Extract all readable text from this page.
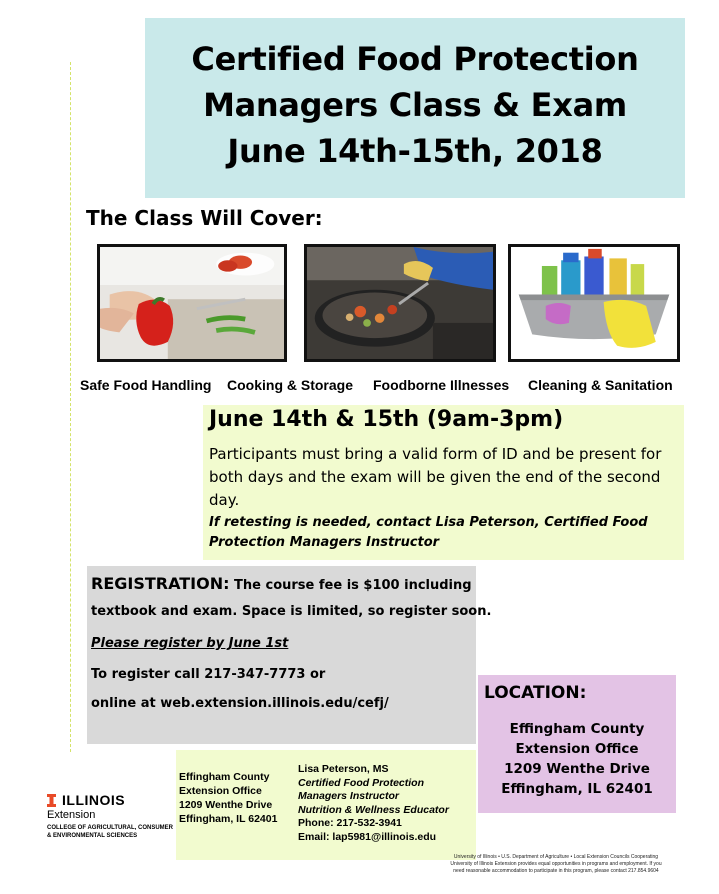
Certified Food Protection
Managers Class & Exam
June 14th-15th, 2018
The Class Will Cover:
Safe Food Handling Cooking & Storage Foodborne Illnesses Cleaning & Sanitation
June 14th & 15th (9am-3pm)
Participants must bring a valid form of ID and be present for both days and the exam will be given the end of the second day.
If retesting is needed, contact Lisa Peterson, Certified Food Protection Managers Instructor
REGISTRATION: The course fee is $100 including
textbook and exam. Space is limited, so register soon.
Please register by June 1st
To register call 217-347-7773 or
online at web.extension.illinois.edu/cefj/
LOCATION:
Effingham County
Extension Office
1209 Wenthe Drive
Effingham, IL 62401
Effingham County
Extension Office
1209 Wenthe Drive
Effingham, IL 62401
Lisa Peterson, MS
Certified Food Protection
Managers Instructor
Nutrition & Wellness Educator
Phone: 217-532-3941
Email: lap5981@illinois.edu
ILLINOIS
Extension
COLLEGE OF AGRICULTURAL, CONSUMER
& ENVIRONMENTAL SCIENCES
University of Illinois • U.S. Department of Agriculture • Local Extension Councils Cooperating
University of Illinois Extension provides equal opportunities in programs and employment. If you
need reasonable accommodation to participate in this program, please contact 217.854.9604
